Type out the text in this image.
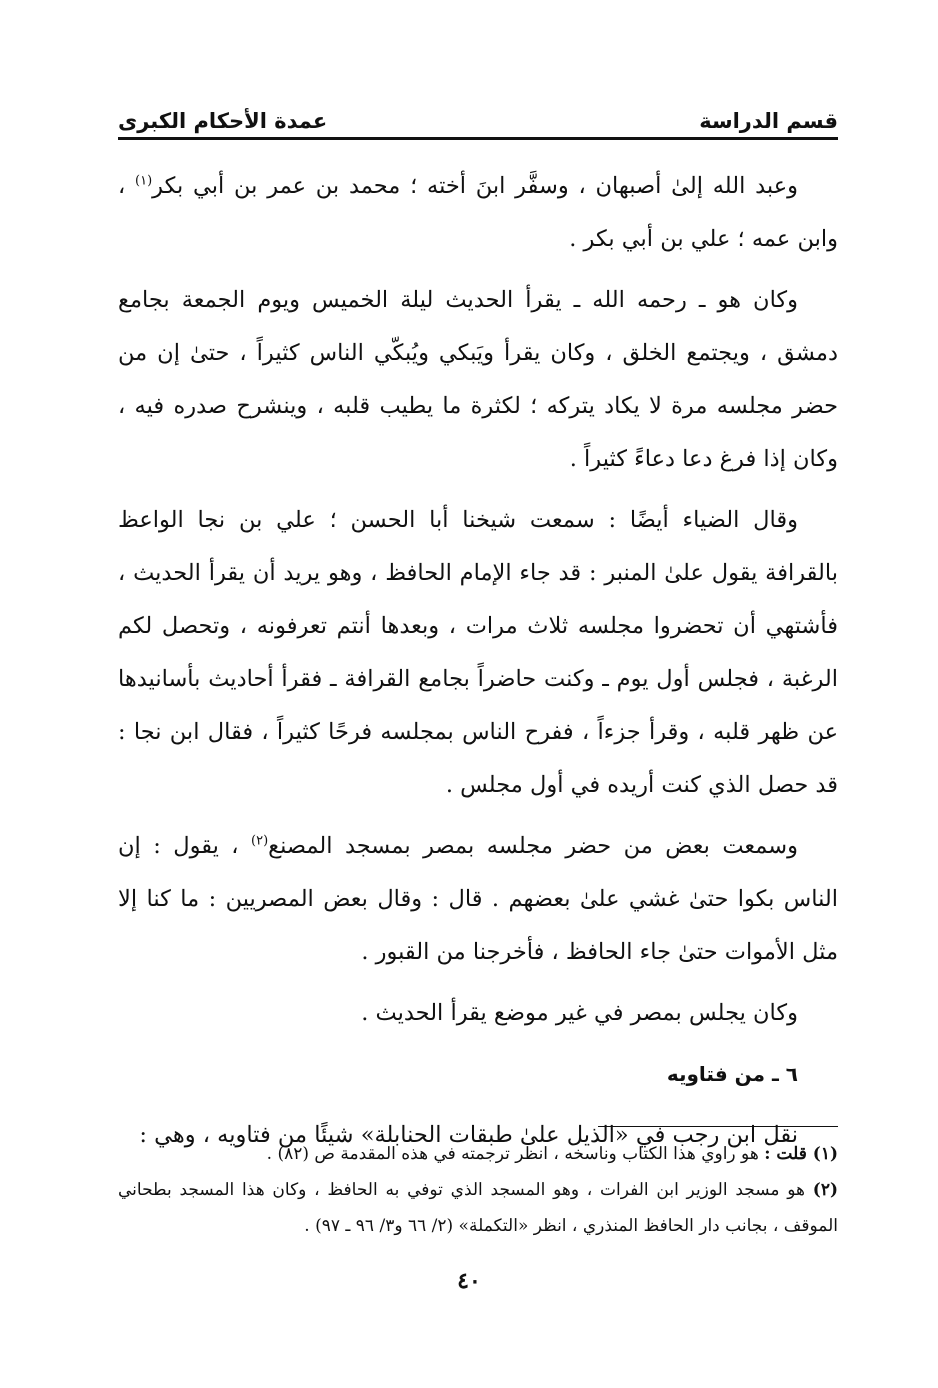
قسم الدراسة
عمدة الأحكام الكبرى

وعبد الله إلىٰ أصبهان ، وسفَّر ابنَ أخته ؛ محمد بن عمر بن أبي بكر$^{(١)}$ ، وابن عمه ؛ علي بن أبي بكر .

وكان هو ـ رحمه الله ـ يقرأ الحديث ليلة الخميس ويوم الجمعة بجامع دمشق ، ويجتمع الخلق ، وكان يقرأ ويَبكي ويُبكّي الناس كثيراً ، حتىٰ إن من حضر مجلسه مرة لا يكاد يتركه ؛ لكثرة ما يطيب قلبه ، وينشرح صدره فيه ، وكان إذا فرغ دعا دعاءً كثيراً .

وقال الضياء أيضًا : سمعت شيخنا أبا الحسن ؛ علي بن نجا الواعظ بالقرافة يقول علىٰ المنبر : قد جاء الإمام الحافظ ، وهو يريد أن يقرأ الحديث ، فأشتهي أن تحضروا مجلسه ثلاث مرات ، وبعدها أنتم تعرفونه ، وتحصل لكم الرغبة ، فجلس أول يوم ـ وكنت حاضراً بجامع القرافة ـ فقرأ أحاديث بأسانيدها عن ظهر قلبه ، وقرأ جزءاً ، ففرح الناس بمجلسه فرحًا كثيراً ، فقال ابن نجا : قد حصل الذي كنت أريده في أول مجلس .

وسمعت بعض من حضر مجلسه بمصر بمسجد المصنع$^{(٢)}$ ، يقول : إن الناس بكوا حتىٰ غشي علىٰ بعضهم . قال : وقال بعض المصريين : ما كنا إلا مثل الأموات حتىٰ جاء الحافظ ، فأخرجنا من القبور .

وكان يجلس بمصر في غير موضع يقرأ الحديث .

٦ ـ من فتاويه

نقل ابن رجب في «الذيل علىٰ طبقات الحنابلة» شيئًا من فتاويه ، وهي :

(١) قلت : هو راوي هذا الكتاب وناسخه ، انظر ترجمته في هذه المقدمة ص (٨٢) .

(٢) هو مسجد الوزير ابن الفرات ، وهو المسجد الذي توفي به الحافظ ، وكان هذا المسجد بطحاني الموقف ، بجانب دار الحافظ المنذري ، انظر «التكملة» (٢/ ٦٦ و٣/ ٩٦ ـ ٩٧) .

٤٠
